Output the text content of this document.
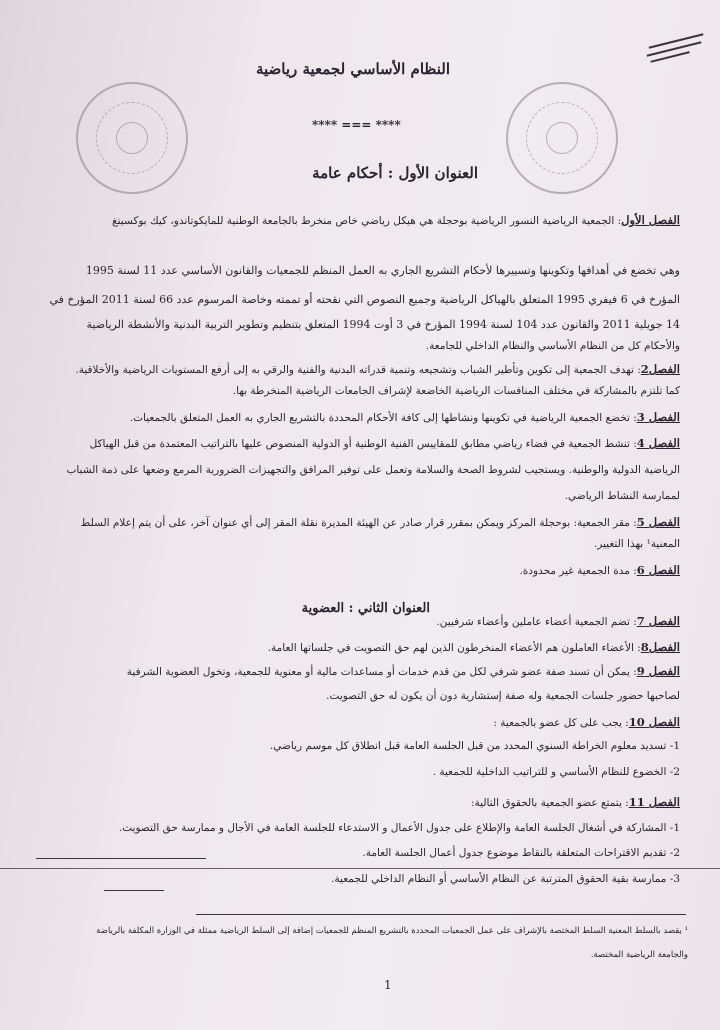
النظام الأساسي لجمعية رياضية
**** === ****
العنوان الأول : أحكام عامة
الفصل الأول: الجمعية الرياضية النسور الرياضية بوحجلة هي هيكل رياضي خاص منخرط بالجامعة الوطنية للمايكوتاندو، كيك بوكسينغ
وهي تخضع في أهدافها وتكوينها وتسييرها لأحكام التشريع الجاري به العمل المنظم للجمعيات والقانون الأساسي عدد 11 لسنة 1995
المؤرخ في 6 فيفري 1995 المتعلق بالهياكل الرياضية وجميع النصوص التي نقحته أو تممته وخاصة المرسوم عدد 66 لسنة 2011 المؤرخ في
14 جويلية 2011 والقانون عدد 104 لسنة 1994 المؤرخ في 3 أوت 1994 المتعلق بتنظيم وتطوير التربية البدنية والأنشطة الرياضية
والأحكام كل من النظام الأساسي والنظام الداخلي للجامعة.
الفصل2: تهدف الجمعية إلى تكوين وتأطير الشباب وتشجيعه وتنمية قدراته البدنية والفنية والرقي به إلى أرفع المستويات الرياضية والأخلاقية.
كما تلتزم بالمشاركة في مختلف المنافسات الرياضية الخاضعة لإشراف الجامعات الرياضية المنخرطة بها.
الفصل 3: تخضع الجمعية الرياضية في تكوينها ونشاطها إلى كافة الأحكام المحددة بالتشريع الجاري به العمل المتعلق بالجمعيات.
الفصل 4: تنشط الجمعية في فضاء رياضي مطابق للمقاييس الفنية الوطنية أو الدولية المنصوص عليها بالتراتيب المعتمدة من قبل الهياكل
الرياضية الدولية والوطنية. ويستجيب لشروط الصحة والسلامة وتعمل على توفير المرافق والتجهيزات الضرورية المرمع وضعها على ذمة الشباب
لممارسة النشاط الرياضي.
الفصل 5: مقر الجمعية: بوحجلة المركز ويمكن بمقرر قرار صادر عن الهيئة المديرة نقلة المقر إلى أي عنوان آخر، على أن يتم إعلام السلط
المعنية¹ بهذا التغيير.
الفصل 6: مدة الجمعية غير محدودة.
العنوان الثاني : العضوية
الفصل 7: تضم الجمعية أعضاء عاملين وأعضاء شرفيين.
الفصل8: الأعضاء العاملون هم الأعضاء المنخرطون الذين لهم حق التصويت في جلساتها العامة.
الفصل 9: يمكن أن تسند صفة عضو شرفي لكل من قدم خدمات أو مساعدات مالية أو معنوية للجمعية، وتخول العضوية الشرفية
لصاحبها حضور جلسات الجمعية وله صفة إستشارية دون أن يكون له حق التصويت.
الفصل 10: يجب على كل عضو بالجمعية :
1- تسديد معلوم الخراطة السنوي المحدد من قبل الجلسة العامة قبل انطلاق كل موسم رياضي.
2- الخضوع للنظام الأساسي و للتراتيب الداخلية للجمعية .
الفصل 11: يتمتع عضو الجمعية بالحقوق التالية:
1- المشاركة في أشغال الجلسة العامة والإطلاع على جدول الأعمال و الاستدعاء للجلسة العامة في الأجال و ممارسة حق التصويت.
2- تقديم الاقتراحات المتعلقة بالنقاط موضوع جدول أعمال الجلسة العامة.
3- ممارسة بقية الحقوق المترتبة عن النظام الأساسي أو النظام الداخلي للجمعية.
¹ يقصد بالسلط المعنية السلط المختصة بالإشراف على عمل الجمعيات المحددة بالتشريع المنظم للجمعيات إضافة إلى السلط الرياضية ممثلة في الوزارة المكلفة بالرياضة
والجامعة الرياضية المختصة.
1
